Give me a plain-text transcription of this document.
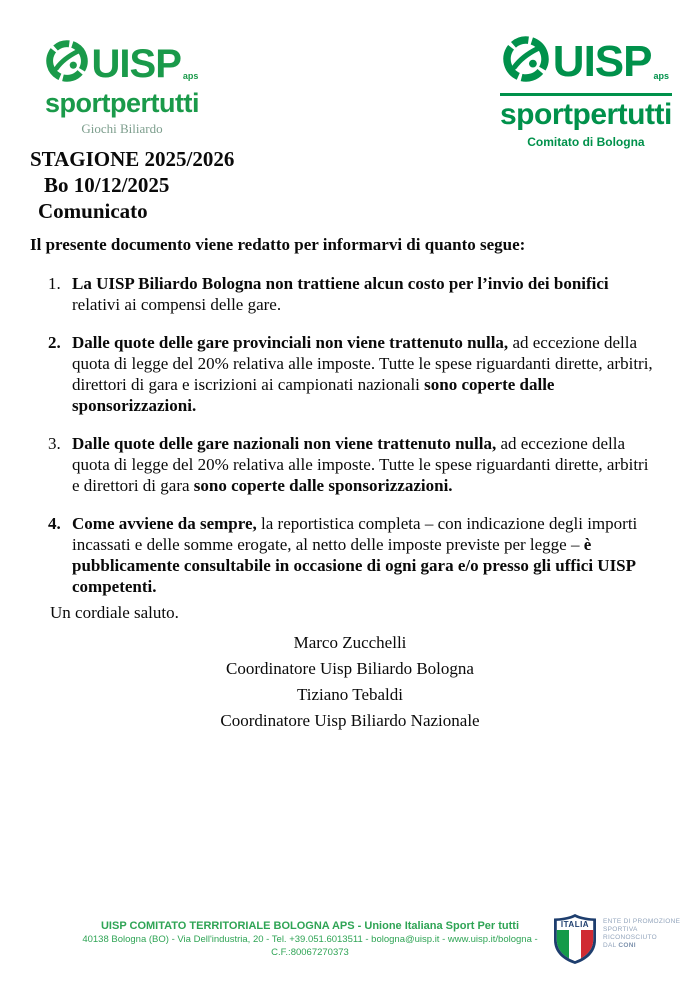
UISP aps
sportpertutti
Giochi Biliardo
UISP aps
sportpertutti
Comitato di Bologna
STAGIONE 2025/2026
Bo 10/12/2025
Comunicato
Il presente documento viene redatto per informarvi di quanto segue:
1. La UISP Biliardo Bologna non trattiene alcun costo per l’invio dei bonifici relativi ai compensi delle gare.
2. Dalle quote delle gare provinciali non viene trattenuto nulla, ad eccezione della quota di legge del 20% relativa alle imposte. Tutte le spese riguardanti dirette, arbitri, direttori di gara e iscrizioni ai campionati nazionali sono coperte dalle sponsorizzazioni.
3. Dalle quote delle gare nazionali non viene trattenuto nulla, ad eccezione della quota di legge del 20% relativa alle imposte. Tutte le spese riguardanti dirette, arbitri e direttori di gara sono coperte dalle sponsorizzazioni.
4. Come avviene da sempre, la reportistica completa – con indicazione degli importi incassati e delle somme erogate, al netto delle imposte previste per legge – è pubblicamente consultabile in occasione di ogni gara e/o presso gli uffici UISP competenti.
Un cordiale saluto.
Marco Zucchelli
Coordinatore Uisp Biliardo Bologna
Tiziano Tebaldi
Coordinatore Uisp Biliardo Nazionale
UISP COMITATO TERRITORIALE BOLOGNA APS - Unione Italiana Sport Per tutti
40138 Bologna (BO) - Via Dell'industria, 20 - Tel. +39.051.6013511 - bologna@uisp.it - www.uisp.it/bologna - C.F.:80067270373
ITALIA ENTE DI PROMOZIONE
SPORTIVA
RICONOSCIUTO
DAL CONI
